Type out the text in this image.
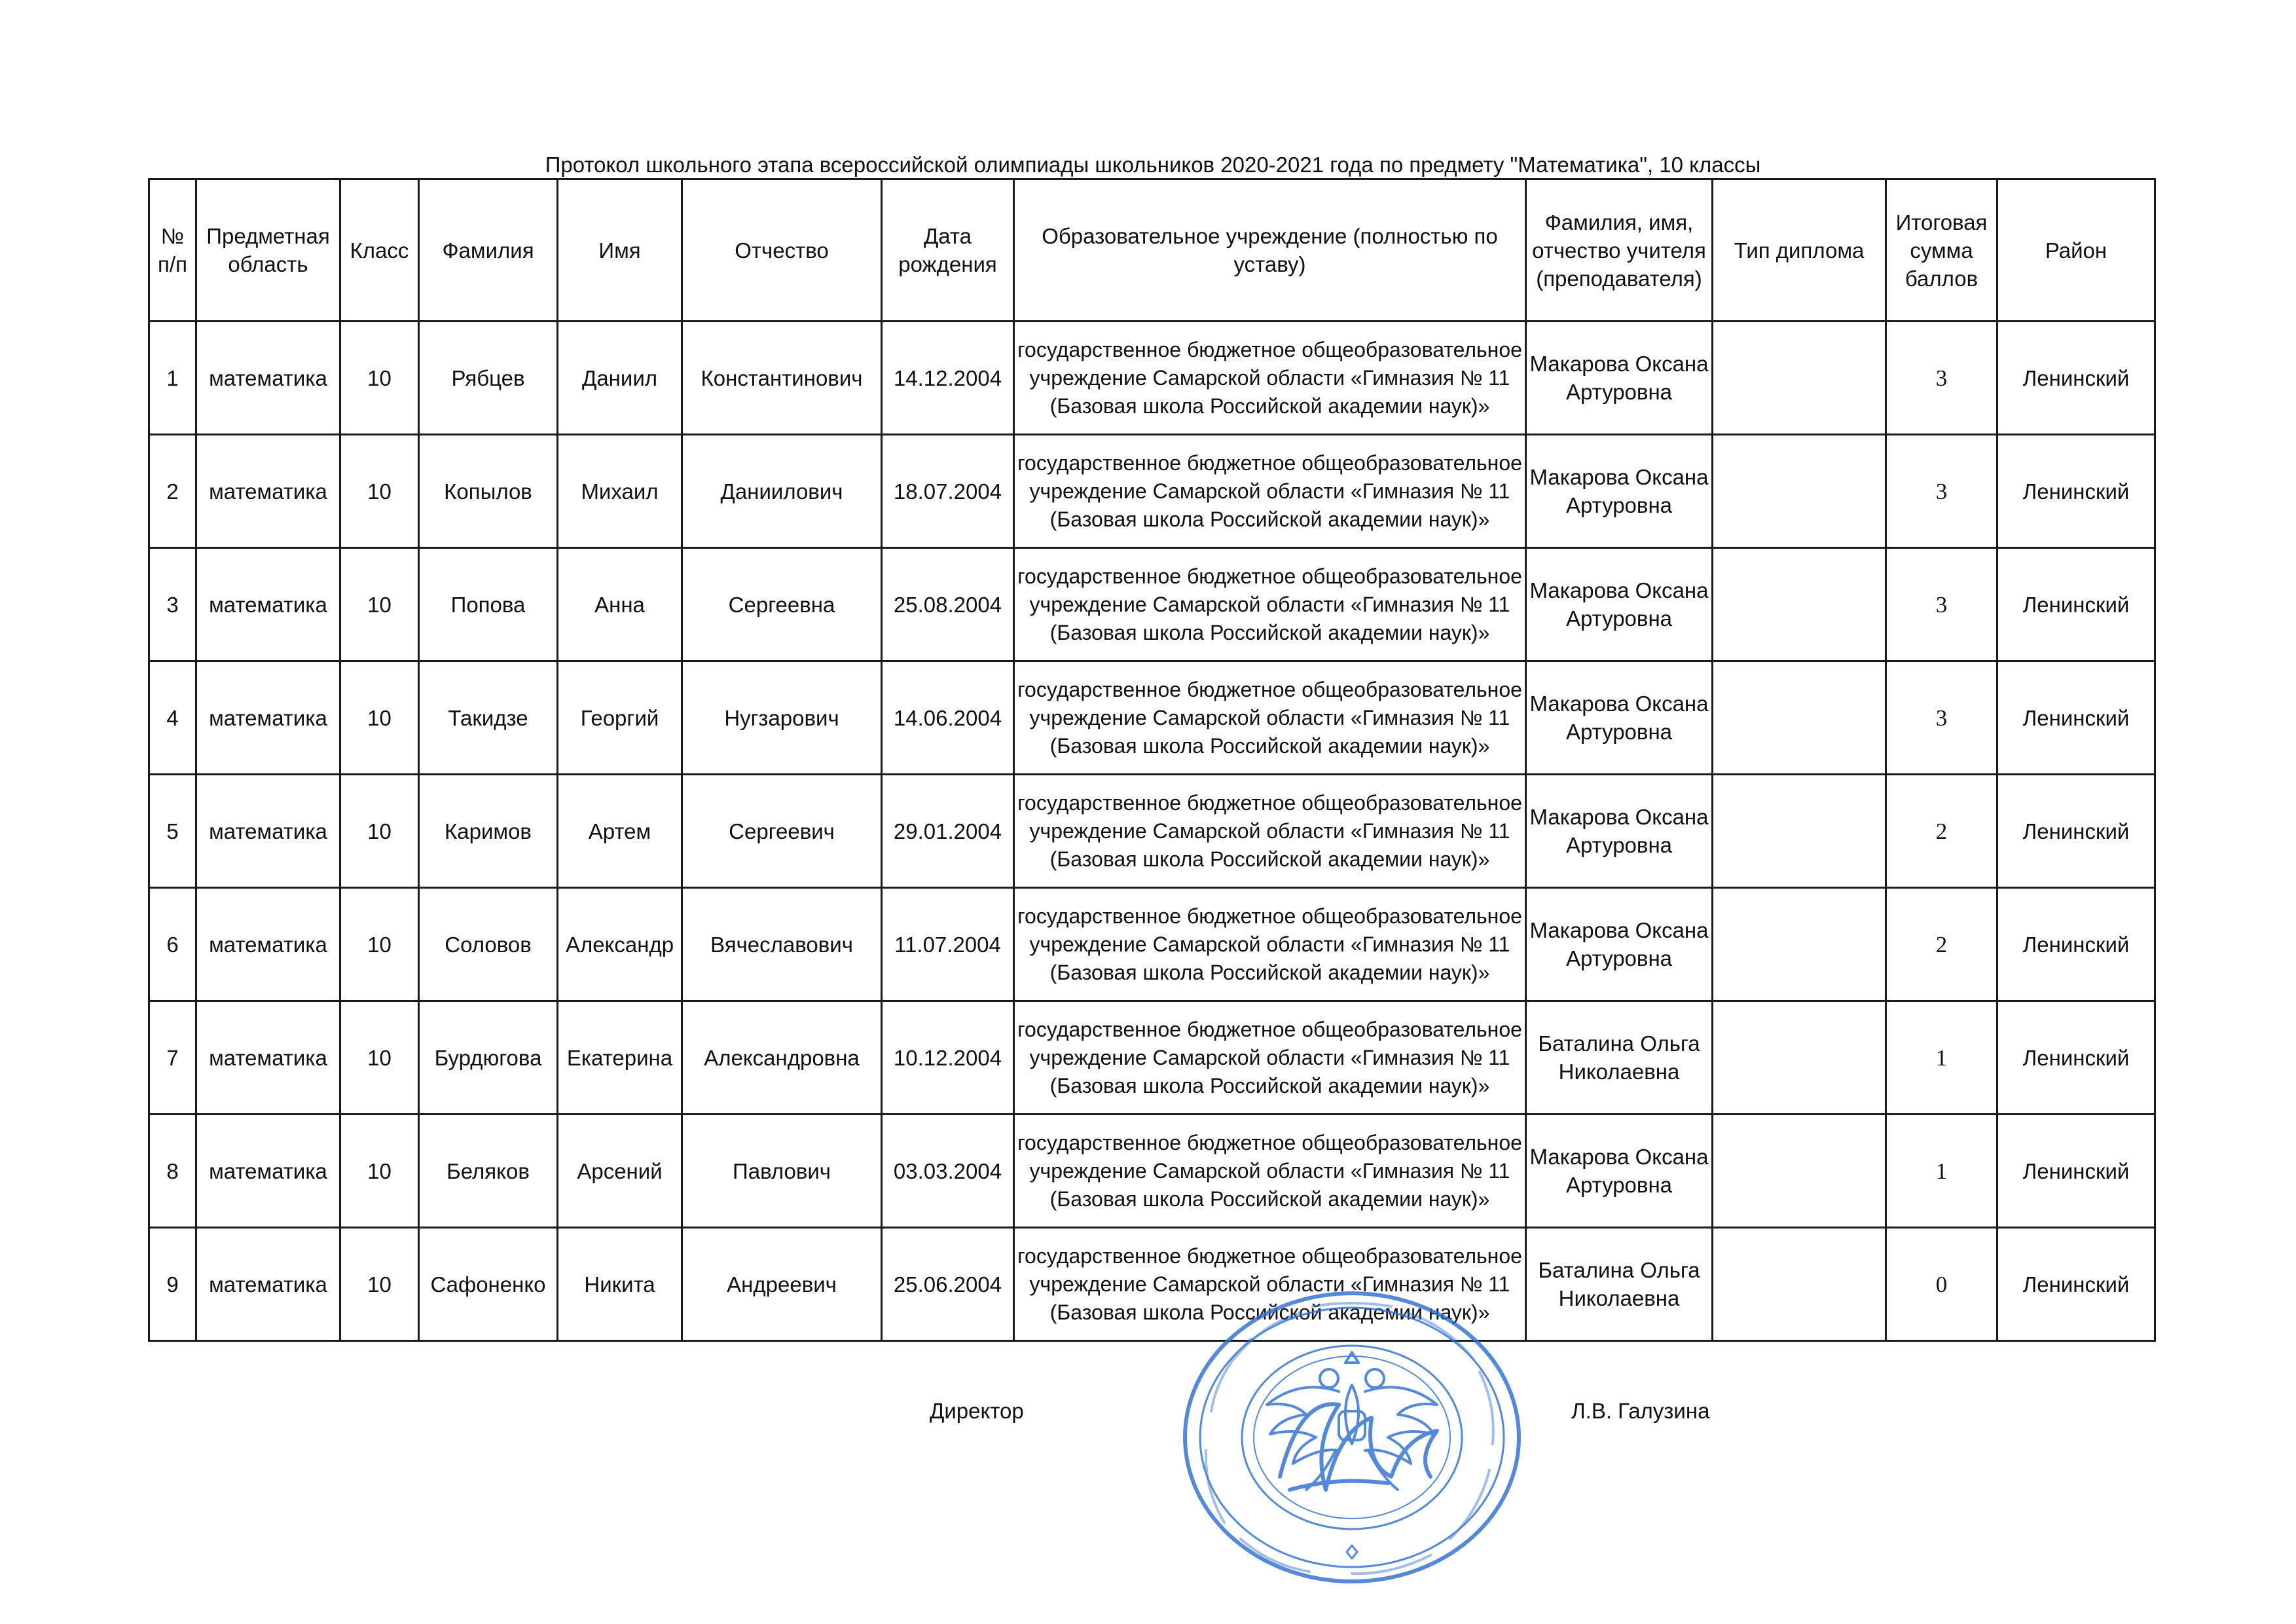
Протокол школьного этапа всероссийской олимпиады школьников 2020-2021 года по предмету "Математика", 10 классы
№ п/п	Предметная область	Класс	Фамилия	Имя	Отчество	Дата рождения	Образовательное учреждение (полностью по уставу)	Фамилия, имя, отчество учителя (преподавателя)	Тип диплома	Итоговая сумма баллов	Район
1	математика	10	Рябцев	Даниил	Константинович	14.12.2004	государственное бюджетное общеобразовательное учреждение Самарской области «Гимназия № 11 (Базовая школа Российской академии наук)»	Макарова Оксана Артуровна		3	Ленинский
2	математика	10	Копылов	Михаил	Даниилович	18.07.2004	государственное бюджетное общеобразовательное учреждение Самарской области «Гимназия № 11 (Базовая школа Российской академии наук)»	Макарова Оксана Артуровна		3	Ленинский
3	математика	10	Попова	Анна	Сергеевна	25.08.2004	государственное бюджетное общеобразовательное учреждение Самарской области «Гимназия № 11 (Базовая школа Российской академии наук)»	Макарова Оксана Артуровна		3	Ленинский
4	математика	10	Такидзе	Георгий	Нугзарович	14.06.2004	государственное бюджетное общеобразовательное учреждение Самарской области «Гимназия № 11 (Базовая школа Российской академии наук)»	Макарова Оксана Артуровна		3	Ленинский
5	математика	10	Каримов	Артем	Сергеевич	29.01.2004	государственное бюджетное общеобразовательное учреждение Самарской области «Гимназия № 11 (Базовая школа Российской академии наук)»	Макарова Оксана Артуровна		2	Ленинский
6	математика	10	Соловов	Александр	Вячеславович	11.07.2004	государственное бюджетное общеобразовательное учреждение Самарской области «Гимназия № 11 (Базовая школа Российской академии наук)»	Макарова Оксана Артуровна		2	Ленинский
7	математика	10	Бурдюгова	Екатерина	Александровна	10.12.2004	государственное бюджетное общеобразовательное учреждение Самарской области «Гимназия № 11 (Базовая школа Российской академии наук)»	Баталина Ольга Николаевна		1	Ленинский
8	математика	10	Беляков	Арсений	Павлович	03.03.2004	государственное бюджетное общеобразовательное учреждение Самарской области «Гимназия № 11 (Базовая школа Российской академии наук)»	Макарова Оксана Артуровна		1	Ленинский
9	математика	10	Сафоненко	Никита	Андреевич	25.06.2004	государственное бюджетное общеобразовательное учреждение Самарской области «Гимназия № 11 (Базовая школа Российской академии наук)»	Баталина Ольга Николаевна		0	Ленинский
Директор	Л.В. Галузина
